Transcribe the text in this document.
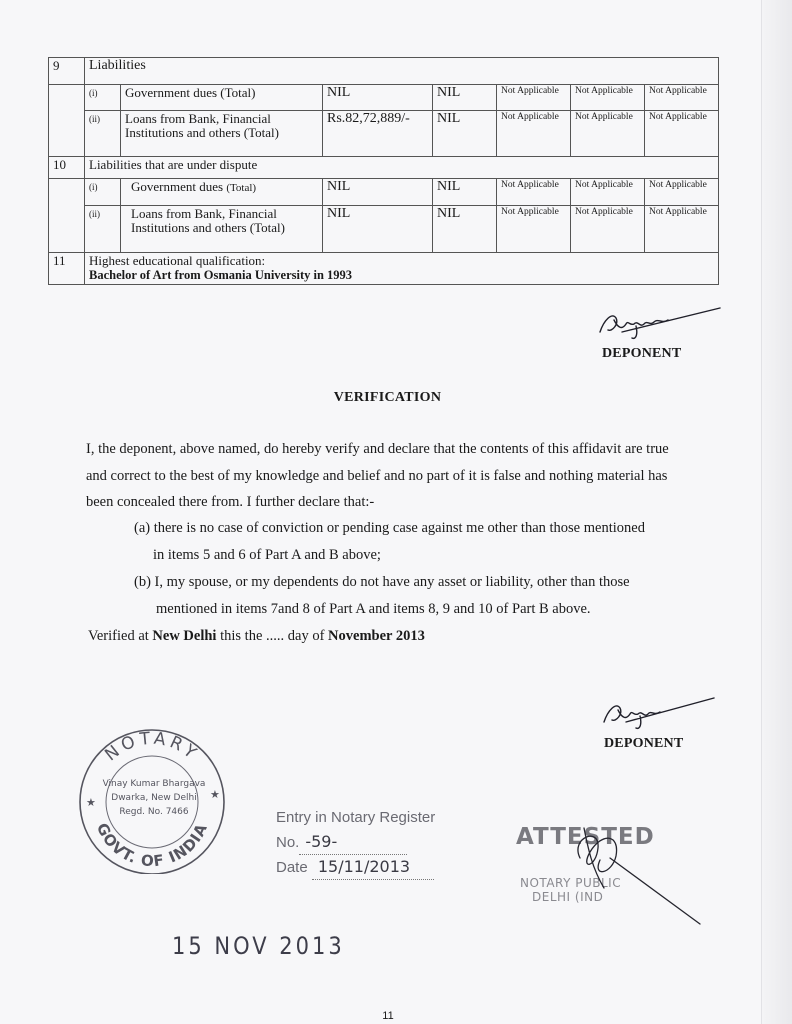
9	Liabilities						
	(i)	Government dues (Total)	NIL	NIL	Not Applicable	Not Applicable	Not Applicable
	(ii)	Loans from Bank, Financial Institutions and others (Total)	Rs.82,72,889/-	NIL	Not Applicable	Not Applicable	Not Applicable
10	Liabilities that are under dispute						
	(i)	Government dues (Total)	NIL	NIL	Not Applicable	Not Applicable	Not Applicable
	(ii)	Loans from Bank, Financial Institutions and others (Total)	NIL	NIL	Not Applicable	Not Applicable	Not Applicable
11	Highest educational qualification:
Bachelor of Art from Osmania University in 1993						
DEPONENT
VERIFICATION
I, the deponent, above named, do hereby verify and declare that the contents of this affidavit are true and correct to the best of my knowledge and belief and no part of it is false and nothing material has been concealed there from. I further declare that:-
(a) there is no case of conviction or pending case against me other than those mentioned
in items 5 and 6 of Part A and B above;
(b) I, my spouse, or my dependents do not have any asset or liability, other than those
mentioned in items 7and 8 of Part A and items 8, 9 and 10 of Part B above.
Verified at New Delhi this the ..... day of November 2013
DEPONENT
NOTARY
GOVT. OF INDIA
★
★
Vinay Kumar Bhargava
Dwarka, New Delhi
Regd. No. 7466	Entry in Notary Register
No. -59-
Date 15/11/2013
ATTESTED
NOTARY PUBLIC
DELHI (IND
15 NOV 2013
11
